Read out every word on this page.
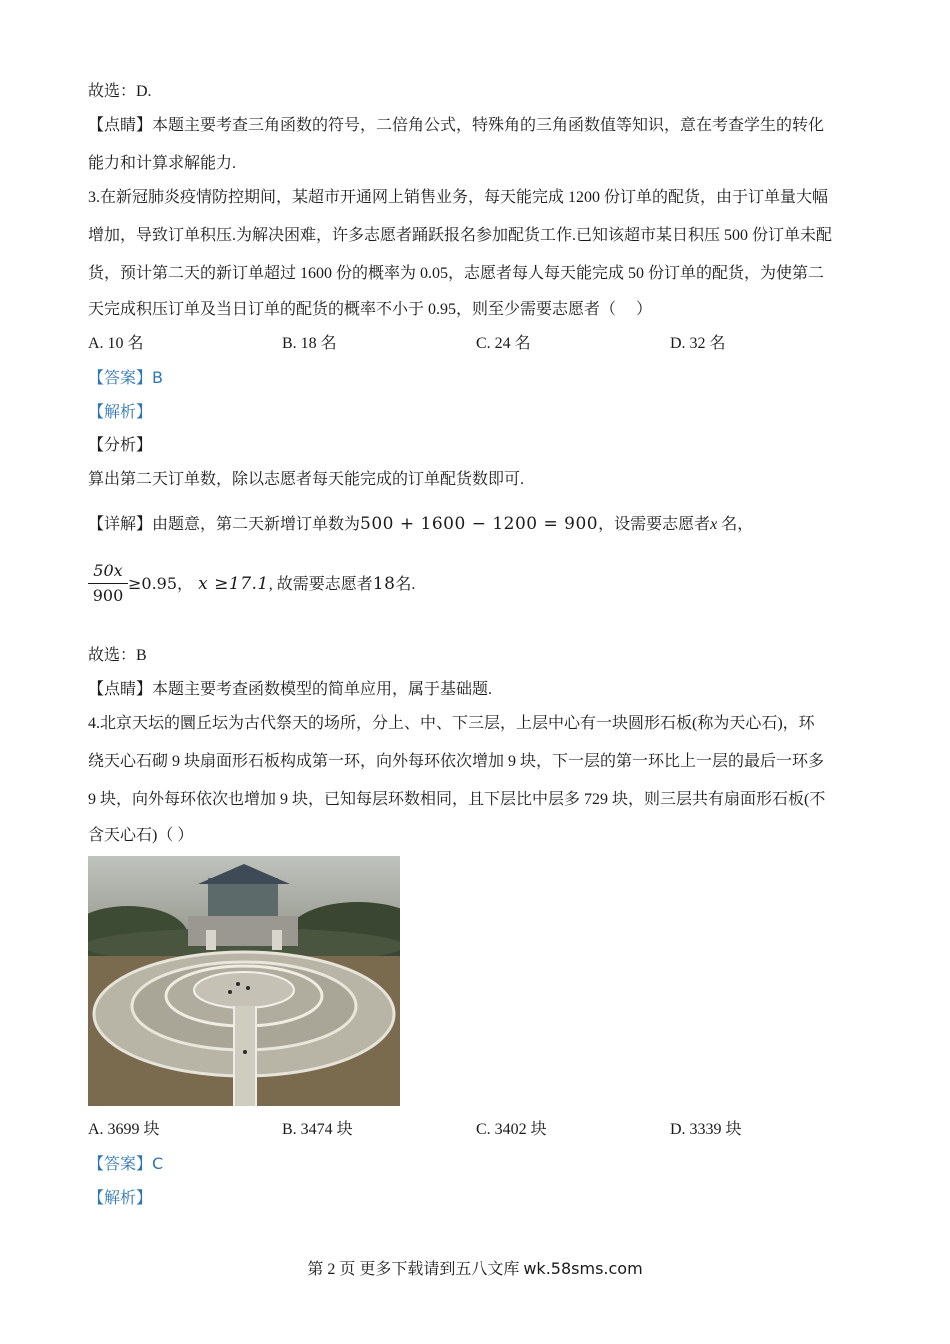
故选：D.
【点睛】本题主要考查三角函数的符号，二倍角公式，特殊角的三角函数值等知识，意在考查学生的转化
能力和计算求解能力.
3.在新冠肺炎疫情防控期间，某超市开通网上销售业务，每天能完成 1200 份订单的配货，由于订单量大幅
增加，导致订单积压.为解决困难，许多志愿者踊跃报名参加配货工作.已知该超市某日积压 500 份订单未配
货，预计第二天的新订单超过 1600 份的概率为 0.05，志愿者每人每天能完成 50 份订单的配货，为使第二
天完成积压订单及当日订单的配货的概率不小于 0.95，则至少需要志愿者（　 ）
A. 10 名	B. 18 名	C. 24 名	D. 32 名
【答案】B
【解析】
【分析】
算出第二天订单数，除以志愿者每天能完成的订单配货数即可.
【详解】由题意，第二天新增订单数为500 + 1600 − 1200 = 900，设需要志愿者x 名，
50x
900
≥0.95， x ≥17.1, 故需要志愿者18名.
故选：B
【点睛】本题主要考查函数模型的简单应用，属于基础题.
4.北京天坛的圜丘坛为古代祭天的场所，分上、中、下三层，上层中心有一块圆形石板(称为天心石)，环
绕天心石砌 9 块扇面形石板构成第一环，向外每环依次增加 9 块，下一层的第一环比上一层的最后一环多
9 块，向外每环依次也增加 9 块，已知每层环数相同，且下层比中层多 729 块，则三层共有扇面形石板(不
含天心石)（ ）
A. 3699 块	B. 3474 块	C. 3402 块	D. 3339 块
【答案】C
【解析】
第 2 页 更多下载请到五八文库 wk.58sms.com
